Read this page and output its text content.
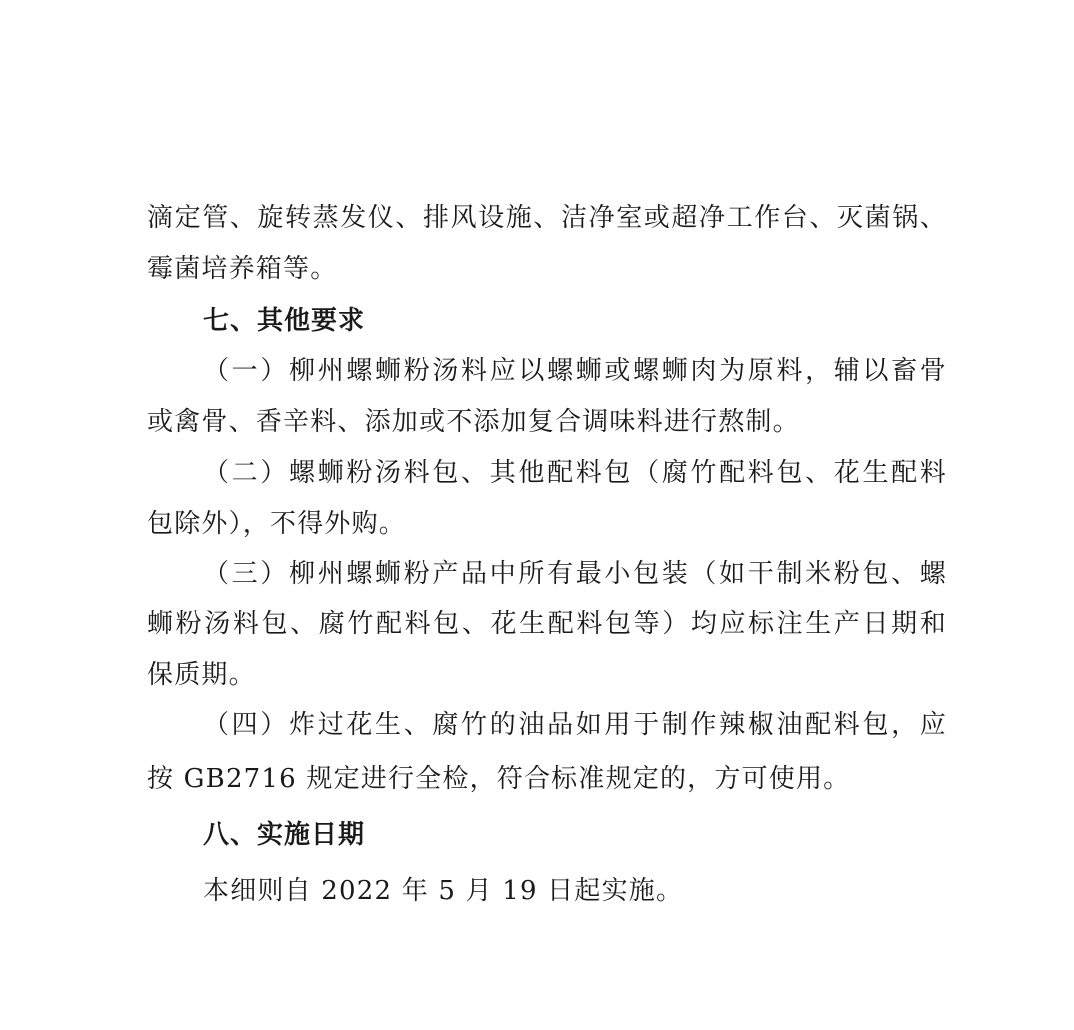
滴定管、旋转蒸发仪、排风设施、洁净室或超净工作台、灭菌锅、
霉菌培养箱等。
七、其他要求
（一）柳州螺蛳粉汤料应以螺蛳或螺蛳肉为原料，辅以畜骨
或禽骨、香辛料、添加或不添加复合调味料进行熬制。
（二）螺蛳粉汤料包、其他配料包（腐竹配料包、花生配料
包除外），不得外购。
（三）柳州螺蛳粉产品中所有最小包装（如干制米粉包、螺
蛳粉汤料包、腐竹配料包、花生配料包等）均应标注生产日期和
保质期。
（四）炸过花生、腐竹的油品如用于制作辣椒油配料包，应
按 GB2716 规定进行全检，符合标准规定的，方可使用。
八、实施日期
本细则自 2022 年 5 月 19 日起实施。
